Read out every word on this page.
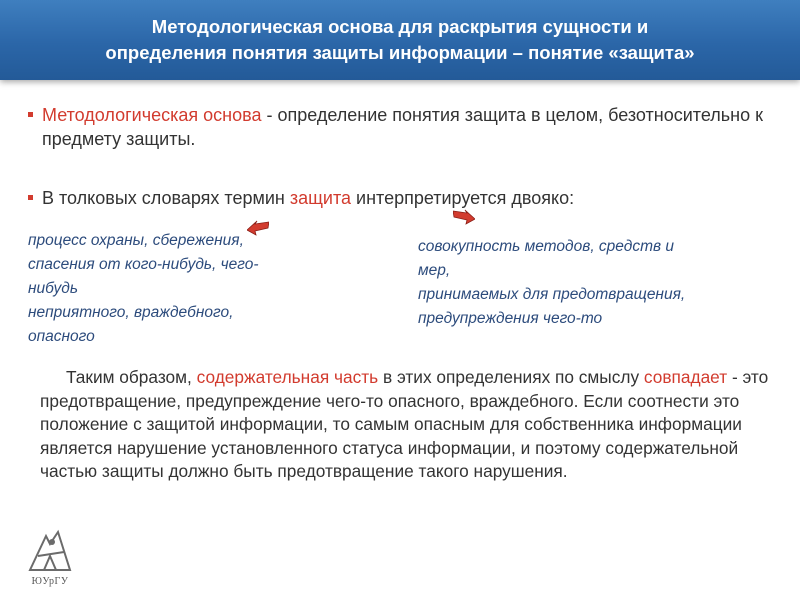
Методологическая основа для раскрытия сущности и
определения понятия защиты информации – понятие «защита»
Методологическая основа - определение понятия защита в целом, безотносительно к предмету защиты.
В толковых словарях термин защита интерпретируется двояко:
процесс охраны, сбережения,
спасения от кого-нибудь, чего-
нибудь
неприятного, враждебного,
опасного
совокупность методов, средств и
мер,
принимаемых для предотвращения,
предупреждения чего-то
Таким образом, содержательная часть в этих определениях по смыслу совпадает - это предотвращение, предупреждение чего-то опасного, враждебного. Если соотнести это положение с защитой информации, то самым опасным для собственника информации является нарушение установленного статуса информации, и поэтому содержательной частью защиты должно быть предотвращение такого нарушения.
ЮУрГУ
